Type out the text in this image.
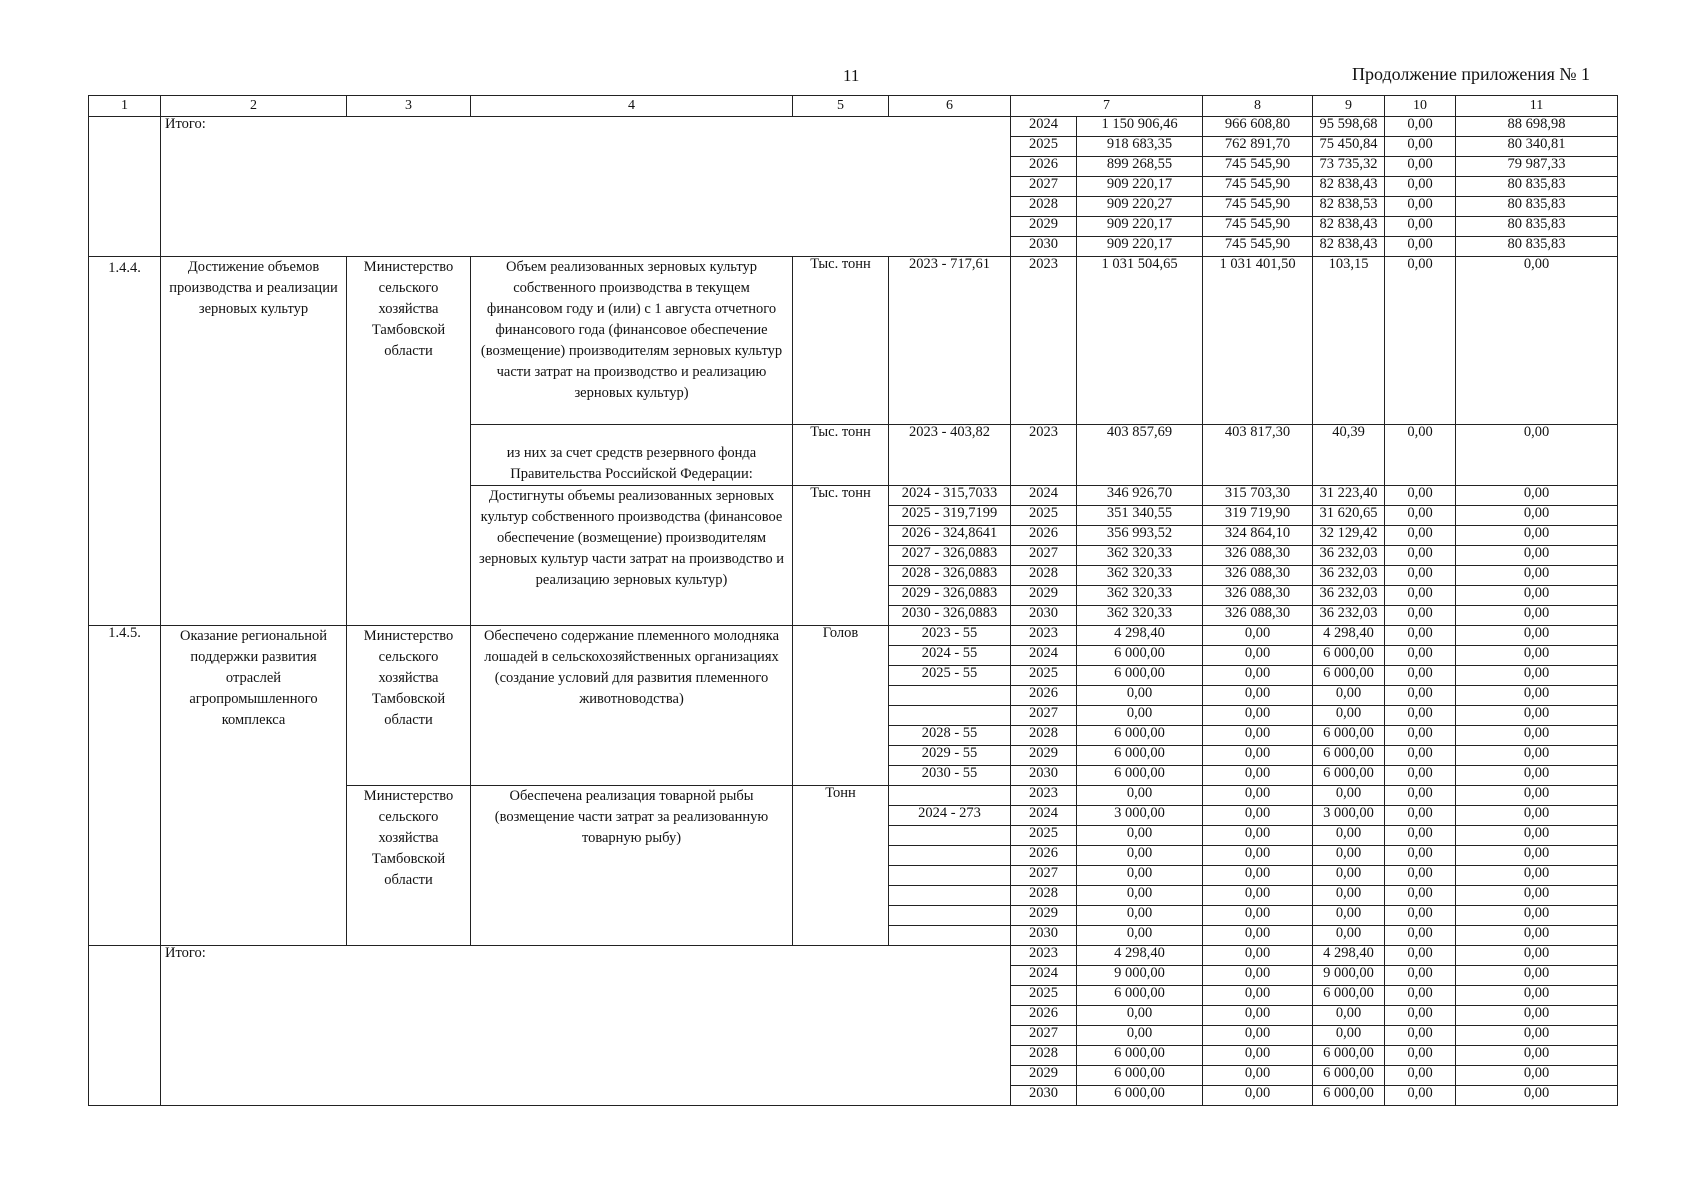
11	Продолжение приложения № 1
1	2	3	4	5	6	7		8	9	10	11
	Итого:					2024	1 150 906,46	966 608,80	95 598,68	0,00	88 698,98
						2025	918 683,35	762 891,70	75 450,84	0,00	80 340,81
						2026	899 268,55	745 545,90	73 735,32	0,00	79 987,33
						2027	909 220,17	745 545,90	82 838,43	0,00	80 835,83
						2028	909 220,27	745 545,90	82 838,53	0,00	80 835,83
						2029	909 220,17	745 545,90	82 838,43	0,00	80 835,83
						2030	909 220,17	745 545,90	82 838,43	0,00	80 835,83
1.4.4.	Достижение объемов производства и реализации зерновых культур	Министерство сельского хозяйства Тамбовской области	Объем реализованных зерновых культур собственного производства в текущем финансовом году и (или) с 1 августа отчетного финансового года (финансовое обеспечение (возмещение) производителям зерновых культур части затрат на производство и реализацию зерновых культур)	Тыс. тонн	2023 - 717,61	2023	1 031 504,65	1 031 401,50	103,15	0,00	0,00
			из них за счет средств резервного фонда Правительства Российской Федерации:	Тыс. тонн	2023 - 403,82	2023	403 857,69	403 817,30	40,39	0,00	0,00
			Достигнуты объемы реализованных зерновых культур собственного производства (финансовое обеспечение (возмещение) производителям зерновых культур части затрат на производство и реализацию зерновых культур)	Тыс. тонн	2024 - 315,7033	2024	346 926,70	315 703,30	31 223,40	0,00	0,00
					2025 - 319,7199	2025	351 340,55	319 719,90	31 620,65	0,00	0,00
					2026 - 324,8641	2026	356 993,52	324 864,10	32 129,42	0,00	0,00
					2027 - 326,0883	2027	362 320,33	326 088,30	36 232,03	0,00	0,00
					2028 - 326,0883	2028	362 320,33	326 088,30	36 232,03	0,00	0,00
					2029 - 326,0883	2029	362 320,33	326 088,30	36 232,03	0,00	0,00
					2030 - 326,0883	2030	362 320,33	326 088,30	36 232,03	0,00	0,00
1.4.5.	Оказание региональной поддержки развития отраслей агропромышленного комплекса	Министерство сельского хозяйства Тамбовской области	Обеспечено содержание племенного молодняка лошадей в сельскохозяйственных организациях (создание условий для развития племенного животноводства)	Голов	2023 - 55	2023	4 298,40	0,00	4 298,40	0,00	0,00
					2024 - 55	2024	6 000,00	0,00	6 000,00	0,00	0,00
					2025 - 55	2025	6 000,00	0,00	6 000,00	0,00	0,00
						2026	0,00	0,00	0,00	0,00	0,00
						2027	0,00	0,00	0,00	0,00	0,00
					2028 - 55	2028	6 000,00	0,00	6 000,00	0,00	0,00
					2029 - 55	2029	6 000,00	0,00	6 000,00	0,00	0,00
					2030 - 55	2030	6 000,00	0,00	6 000,00	0,00	0,00
		Министерство сельского хозяйства Тамбовской области	Обеспечена реализация товарной рыбы (возмещение части затрат за реализованную товарную рыбу)	Тонн		2023	0,00	0,00	0,00	0,00	0,00
					2024 - 273	2024	3 000,00	0,00	3 000,00	0,00	0,00
						2025	0,00	0,00	0,00	0,00	0,00
						2026	0,00	0,00	0,00	0,00	0,00
						2027	0,00	0,00	0,00	0,00	0,00
						2028	0,00	0,00	0,00	0,00	0,00
						2029	0,00	0,00	0,00	0,00	0,00
						2030	0,00	0,00	0,00	0,00	0,00
	Итого:					2023	4 298,40	0,00	4 298,40	0,00	0,00
						2024	9 000,00	0,00	9 000,00	0,00	0,00
						2025	6 000,00	0,00	6 000,00	0,00	0,00
						2026	0,00	0,00	0,00	0,00	0,00
						2027	0,00	0,00	0,00	0,00	0,00
						2028	6 000,00	0,00	6 000,00	0,00	0,00
						2029	6 000,00	0,00	6 000,00	0,00	0,00
						2030	6 000,00	0,00	6 000,00	0,00	0,00
